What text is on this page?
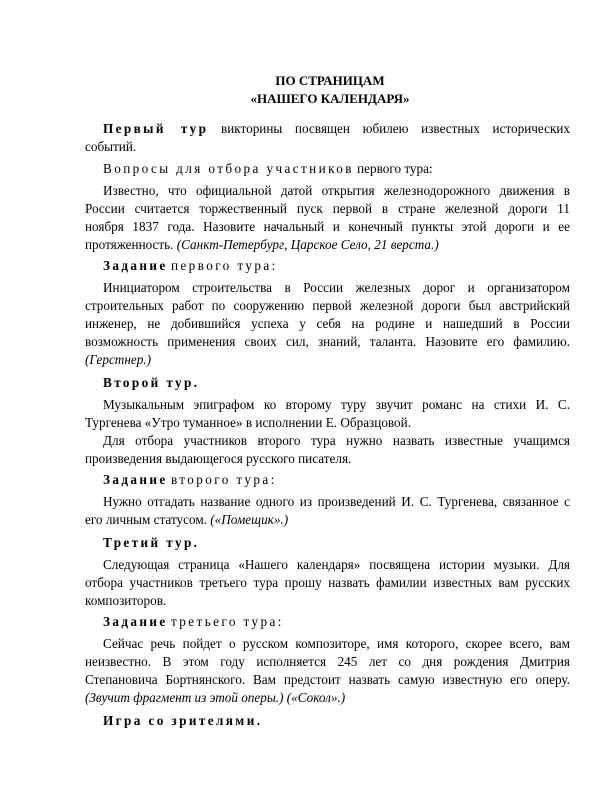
ПО СТРАНИЦАМ
«НАШЕГО КАЛЕНДАРЯ»
Первый тур викторины посвящен юбилею известных исторических
событий.
Вопросы для отбора участников первого тура:
Известно, что официальной датой открытия железнодорожного движения в
России считается торжественный пуск первой в стране железной дороги 11
ноября 1837 года. Назовите начальный и конечный пункты этой дороги и ее
протяженность. (Санкт-Петербург, Царское Село, 21 верста.)
Задание первого тура:
Инициатором строительства в России железных дорог и организатором
строительных работ по сооружению первой железной дороги был австрийский
инженер, не добившийся успеха у себя на родине и нашедший в России
возможность применения своих сил, знаний, таланта. Назовите его фамилию.
(Герстнер.)
Второй тур.
Музыкальным эпиграфом ко второму туру звучит романс на стихи И. С.
Тургенева «Утро туманное» в исполнении Е. Образцовой.
Для отбора участников второго тура нужно назвать известные учащимся
произведения выдающегося русского писателя.
Задание второго тура:
Нужно отгадать название одного из произведений И. С. Тургенева, связанное с
его личным статусом. («Помещик».)
Третий тур.
Следующая страница «Нашего календаря» посвящена истории музыки. Для
отбора участников третьего тура прошу назвать фамилии известных вам русских
композиторов.
Задание третьего тура:
Сейчас речь пойдет о русском композиторе, имя которого, скорее всего, вам
неизвестно. В этом году исполняется 245 лет со дня рождения Дмитрия
Степановича Бортнянского. Вам предстоит назвать самую известную его оперу.
(Звучит фрагмент из этой оперы.) («Сокол».)
Игра со зрителями.
